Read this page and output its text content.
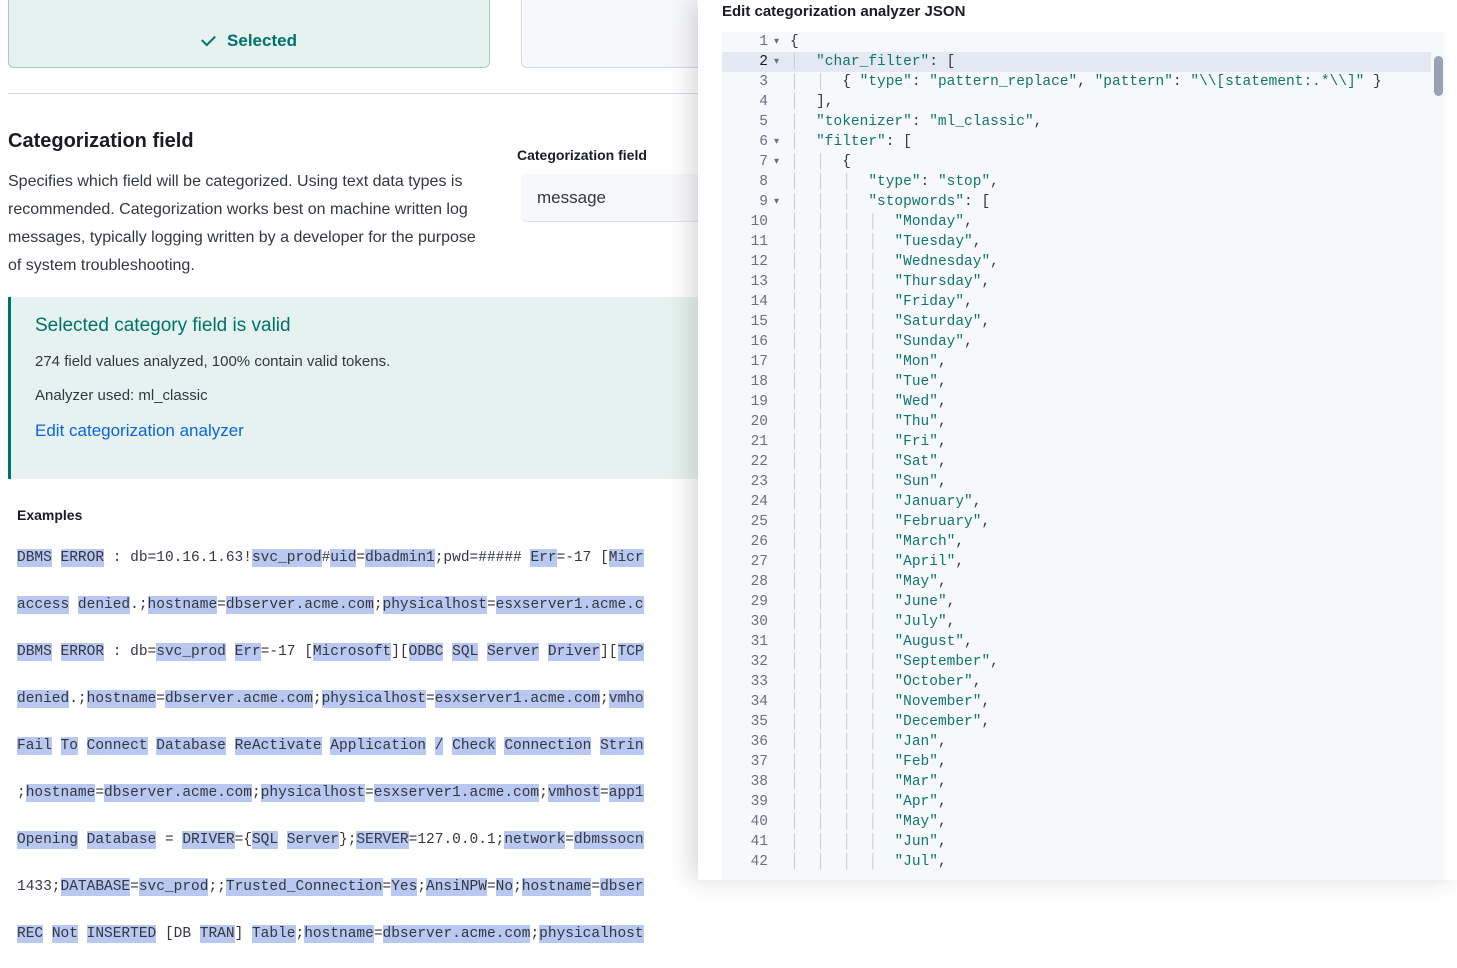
Selected
Categorization field
Specifies which field will be categorized. Using text data types is recommended. Categorization works best on machine written log messages, typically logging written by a developer for the purpose of system troubleshooting.
Categorization field
message
Selected category field is valid
274 field values analyzed, 100% contain valid tokens.
Analyzer used: ml_classic
Edit categorization analyzer
Examples
DBMS ERROR : db=10.16.1.63!svc_prod#uid=dbadmin1;pwd=##### Err=-17 [Micr
access denied.;hostname=dbserver.acme.com;physicalhost=esxserver1.acme.c
DBMS ERROR : db=svc_prod Err=-17 [Microsoft][ODBC SQL Server Driver][TCP
denied.;hostname=dbserver.acme.com;physicalhost=esxserver1.acme.com;vmho
Fail To Connect Database ReActivate Application / Check Connection Strin
;hostname=dbserver.acme.com;physicalhost=esxserver1.acme.com;vmhost=app1
Opening Database = DRIVER={SQL Server};SERVER=127.0.0.1;network=dbmssocn
1433;DATABASE=svc_prod;;Trusted_Connection=Yes;AnsiNPW=No;hostname=dbser
REC Not INSERTED [DB TRAN] Table;hostname=dbserver.acme.com;physicalhost
Edit categorization analyzer JSON
1 ▾
2 ▾
3
4
5
6 ▾
7 ▾
8
9 ▾
10
11
12
13
14
15
16
17
18
19
20
21
22
23
24
25
26
27
28
29
30
31
32
33
34
35
36
37
38
39
40
41
42
{
│  "char_filter": [
│  │  { "type": "pattern_replace", "pattern": "\\[statement:.*\\]" }
│  ],
│  "tokenizer": "ml_classic",
│  "filter": [
│  │  {
│  │  │  "type": "stop",
│  │  │  "stopwords": [
│  │  │  │  "Monday",
│  │  │  │  "Tuesday",
│  │  │  │  "Wednesday",
│  │  │  │  "Thursday",
│  │  │  │  "Friday",
│  │  │  │  "Saturday",
│  │  │  │  "Sunday",
│  │  │  │  "Mon",
│  │  │  │  "Tue",
│  │  │  │  "Wed",
│  │  │  │  "Thu",
│  │  │  │  "Fri",
│  │  │  │  "Sat",
│  │  │  │  "Sun",
│  │  │  │  "January",
│  │  │  │  "February",
│  │  │  │  "March",
│  │  │  │  "April",
│  │  │  │  "May",
│  │  │  │  "June",
│  │  │  │  "July",
│  │  │  │  "August",
│  │  │  │  "September",
│  │  │  │  "October",
│  │  │  │  "November",
│  │  │  │  "December",
│  │  │  │  "Jan",
│  │  │  │  "Feb",
│  │  │  │  "Mar",
│  │  │  │  "Apr",
│  │  │  │  "May",
│  │  │  │  "Jun",
│  │  │  │  "Jul",
